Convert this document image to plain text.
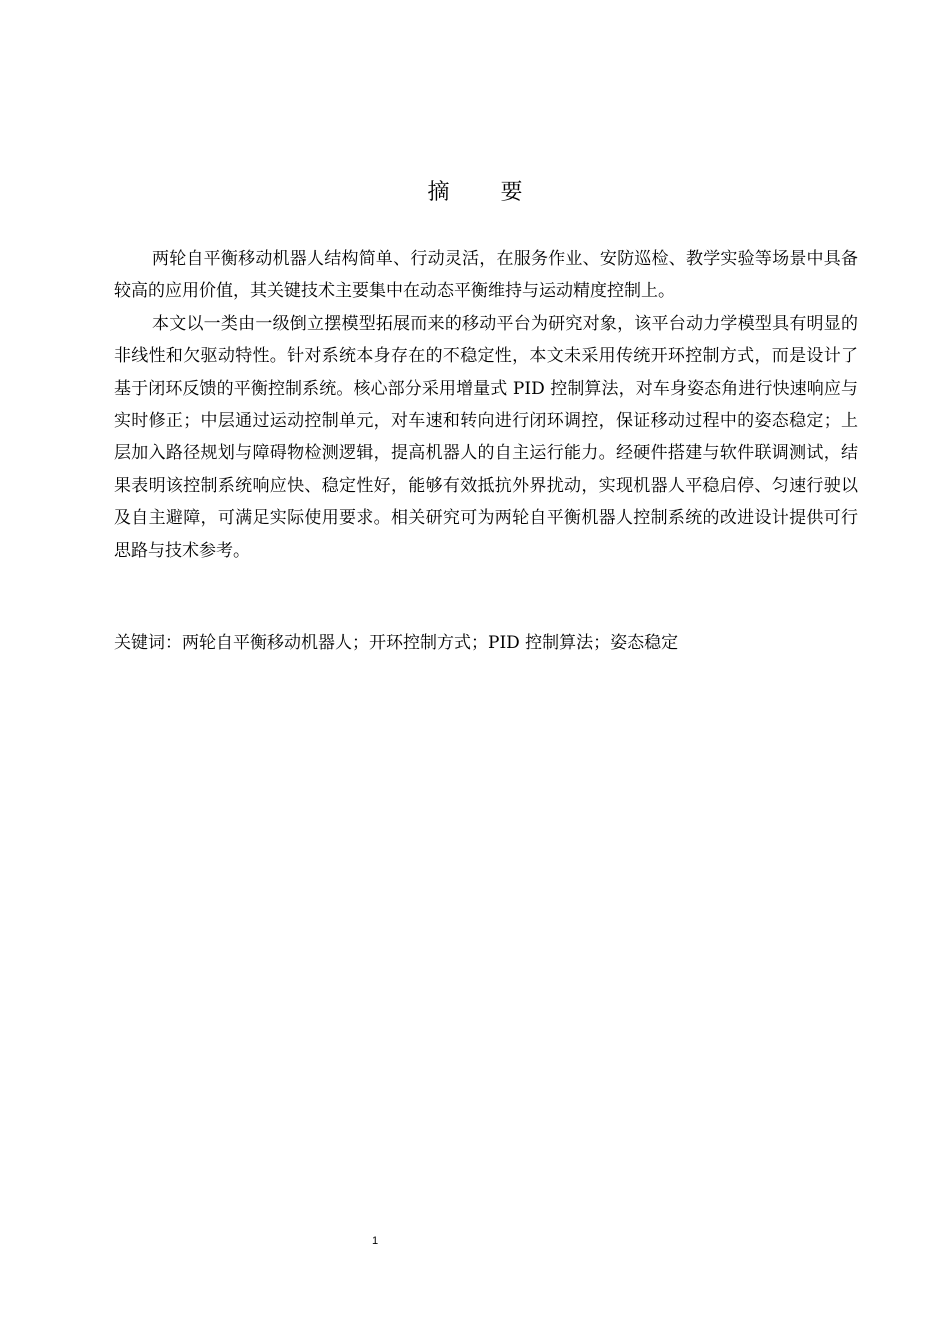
摘 要

两轮自平衡移动机器人结构简单、行动灵活，在服务作业、安防巡检、教学实验等场景中具备较高的应用价值，其关键技术主要集中在动态平衡维持与运动精度控制上。

本文以一类由一级倒立摆模型拓展而来的移动平台为研究对象，该平台动力学模型具有明显的非线性和欠驱动特性。针对系统本身存在的不稳定性，本文未采用传统开环控制方式，而是设计了基于闭环反馈的平衡控制系统。核心部分采用增量式 PID 控制算法，对车身姿态角进行快速响应与实时修正；中层通过运动控制单元，对车速和转向进行闭环调控，保证移动过程中的姿态稳定；上层加入路径规划与障碍物检测逻辑，提高机器人的自主运行能力。经硬件搭建与软件联调测试，结果表明该控制系统响应快、稳定性好，能够有效抵抗外界扰动，实现机器人平稳启停、匀速行驶以及自主避障，可满足实际使用要求。相关研究可为两轮自平衡机器人控制系统的改进设计提供可行思路与技术参考。

关键词：两轮自平衡移动机器人；开环控制方式；PID 控制算法；姿态稳定

1
